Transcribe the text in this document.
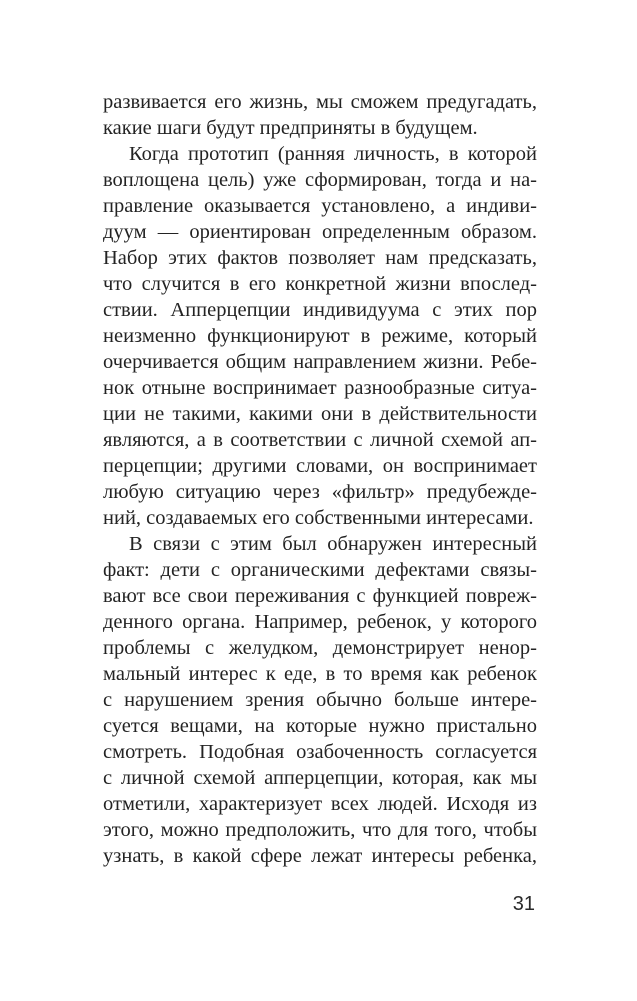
развивается его жизнь, мы сможем предугадать,
какие шаги будут предприняты в будущем.
Когда прототип (ранняя личность, в которой
воплощена цель) уже сформирован, тогда и на-
правление оказывается установлено, а индиви-
дуум — ориентирован определенным образом.
Набор этих фактов позволяет нам предсказать,
что случится в его конкретной жизни впослед-
ствии. Апперцепции индивидуума с этих пор
неизменно функционируют в режиме, который
очерчивается общим направлением жизни. Ребе-
нок отныне воспринимает разнообразные ситуа-
ции не такими, какими они в действительности
являются, а в соответствии с личной схемой ап-
перцепции; другими словами, он воспринимает
любую ситуацию через «фильтр» предубежде-
ний, создаваемых его собственными интересами.
В связи с этим был обнаружен интересный
факт: дети с органическими дефектами связы-
вают все свои переживания с функцией повреж-
денного органа. Например, ребенок, у которого
проблемы с желудком, демонстрирует ненор-
мальный интерес к еде, в то время как ребенок
с нарушением зрения обычно больше интере-
суется вещами, на которые нужно пристально
смотреть. Подобная озабоченность согласуется
с личной схемой апперцепции, которая, как мы
отметили, характеризует всех людей. Исходя из
этого, можно предположить, что для того, чтобы
узнать, в какой сфере лежат интересы ребенка,
31
